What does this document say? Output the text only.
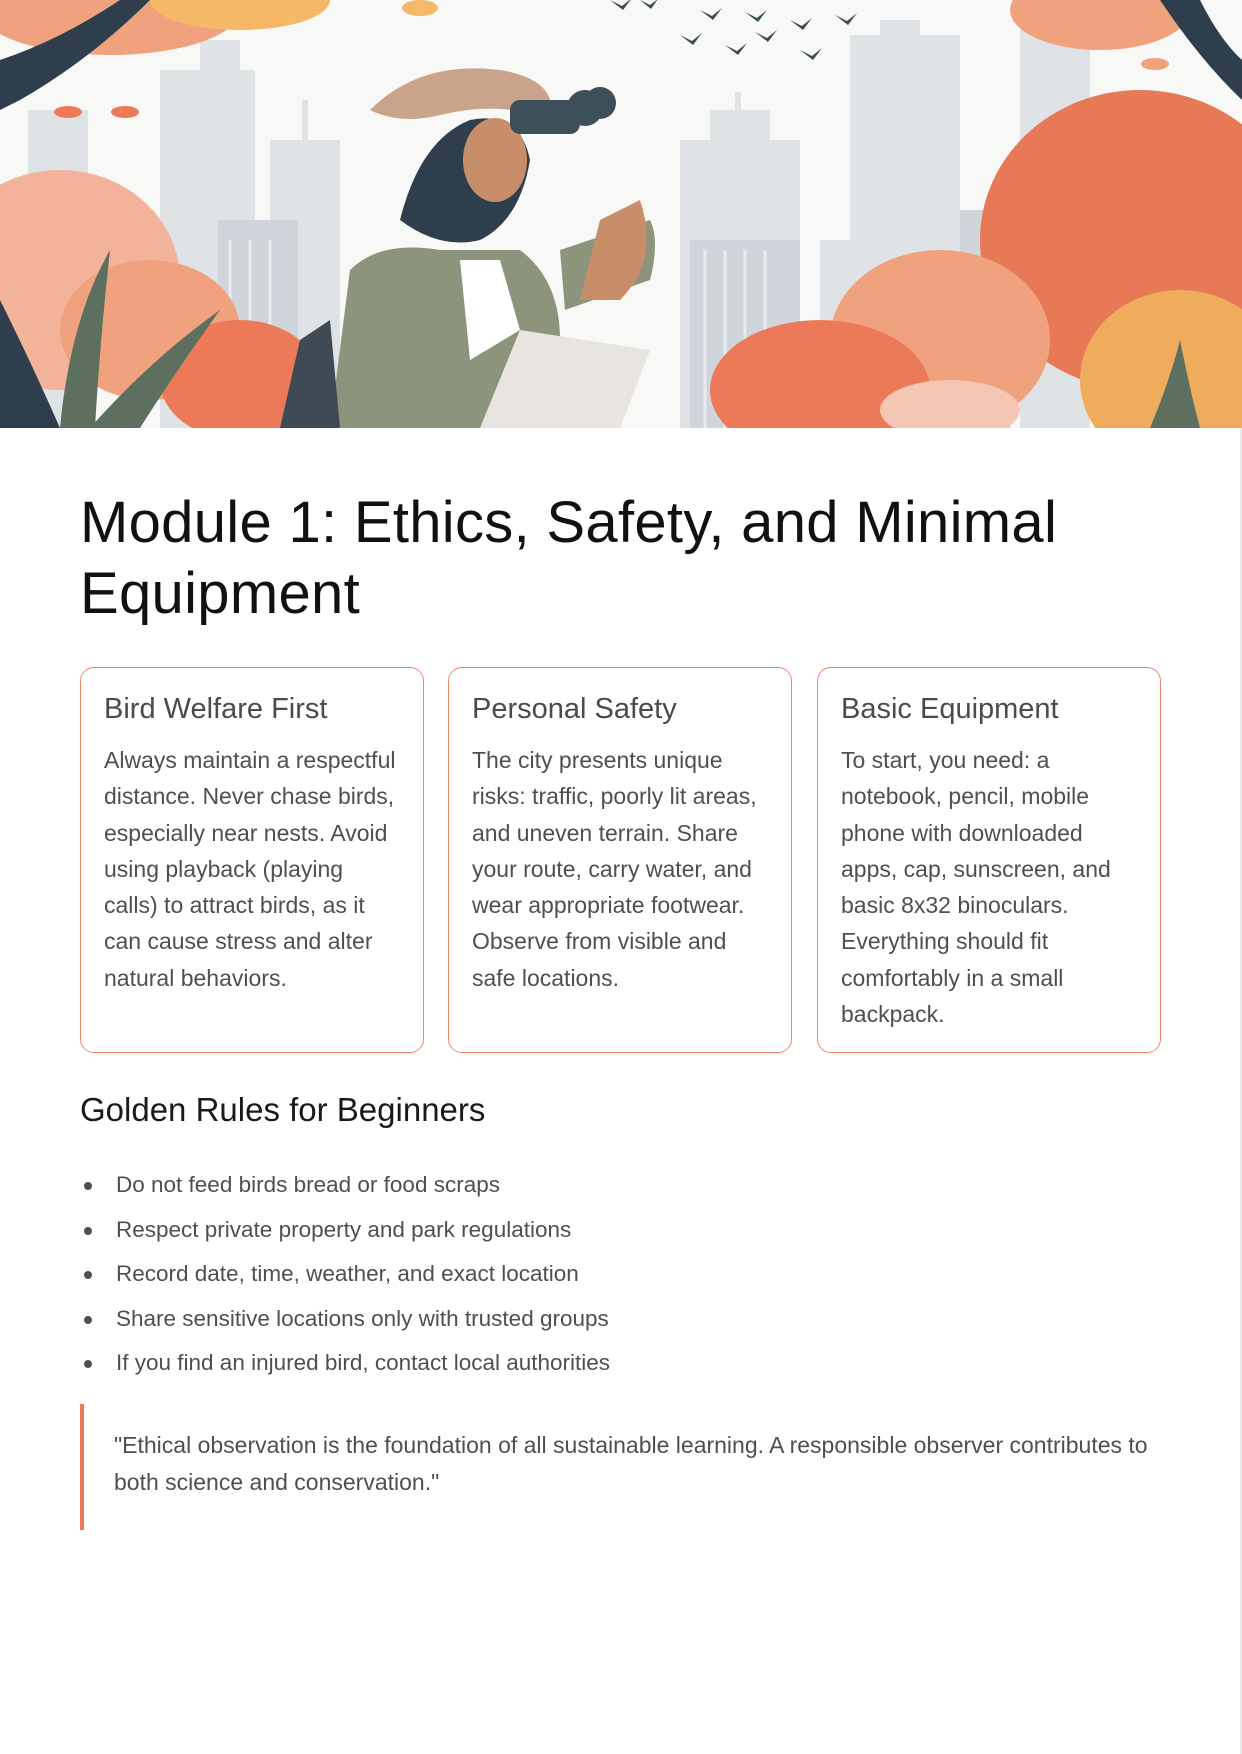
Module 1: Ethics, Safety, and Minimal Equipment
Bird Welfare First

Always maintain a respectful distance. Never chase birds, especially near nests. Avoid using playback (playing calls) to attract birds, as it can cause stress and alter natural behaviors.

Personal Safety

The city presents unique risks: traffic, poorly lit areas, and uneven terrain. Share your route, carry water, and wear appropriate footwear. Observe from visible and safe locations.

Basic Equipment

To start, you need: a notebook, pencil, mobile phone with downloaded apps, cap, sunscreen, and basic 8x32 binoculars. Everything should fit comfortably in a small backpack.

Golden Rules for Beginners
Do not feed birds bread or food scraps
Respect private property and park regulations
Record date, time, weather, and exact location
Share sensitive locations only with trusted groups
If you find an injured bird, contact local authorities
"Ethical observation is the foundation of all sustainable learning. A responsible observer contributes to both science and conservation."
